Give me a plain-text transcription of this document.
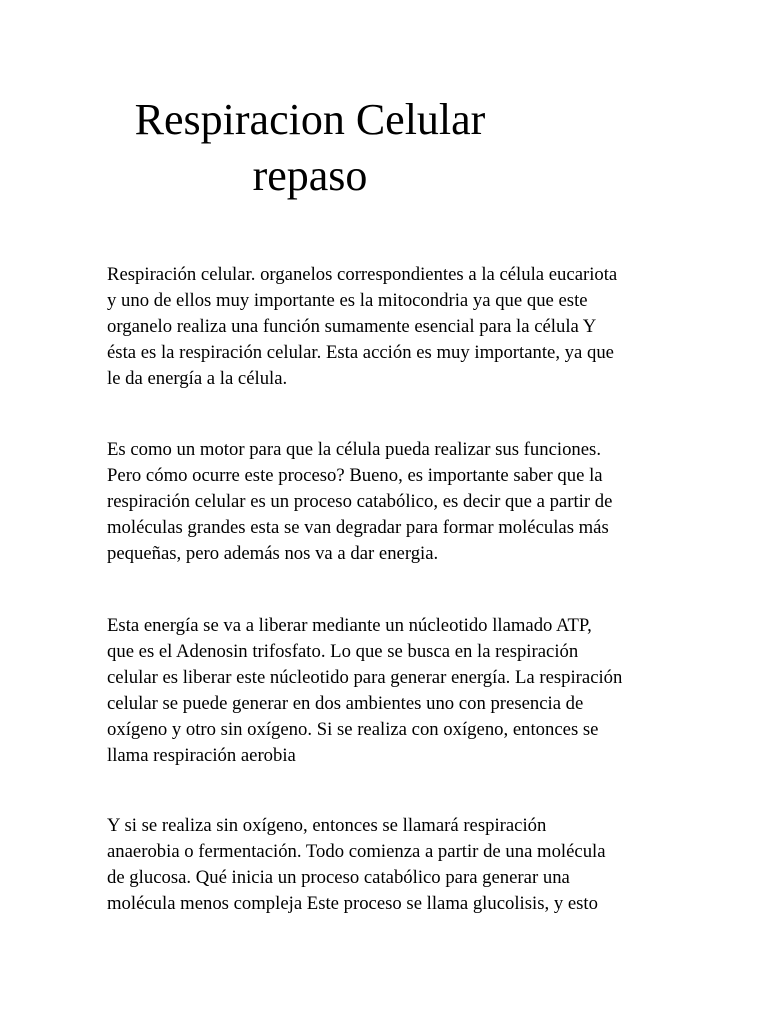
Respiracion Celular
repaso

Respiración celular. organelos correspondientes a la célula eucariota
y uno de ellos muy importante es la mitocondria ya que que este
organelo realiza una función sumamente esencial para la célula Y
ésta es la respiración celular. Esta acción es muy importante, ya que
le da energía a la célula.

Es como un motor para que la célula pueda realizar sus funciones.
Pero cómo ocurre este proceso? Bueno, es importante saber que la
respiración celular es un proceso catabólico, es decir que a partir de
moléculas grandes esta se van degradar para formar moléculas más
pequeñas, pero además nos va a dar energia.

Esta energía se va a liberar mediante un núcleotido llamado ATP,
que es el Adenosin trifosfato. Lo que se busca en la respiración
celular es liberar este núcleotido para generar energía. La respiración
celular se puede generar en dos ambientes uno con presencia de
oxígeno y otro sin oxígeno. Si se realiza con oxígeno, entonces se
llama respiración aerobia

Y si se realiza sin oxígeno, entonces se llamará respiración
anaerobia o fermentación. Todo comienza a partir de una molécula
de glucosa. Qué inicia un proceso catabólico para generar una
molécula menos compleja Este proceso se llama glucolisis, y esto
